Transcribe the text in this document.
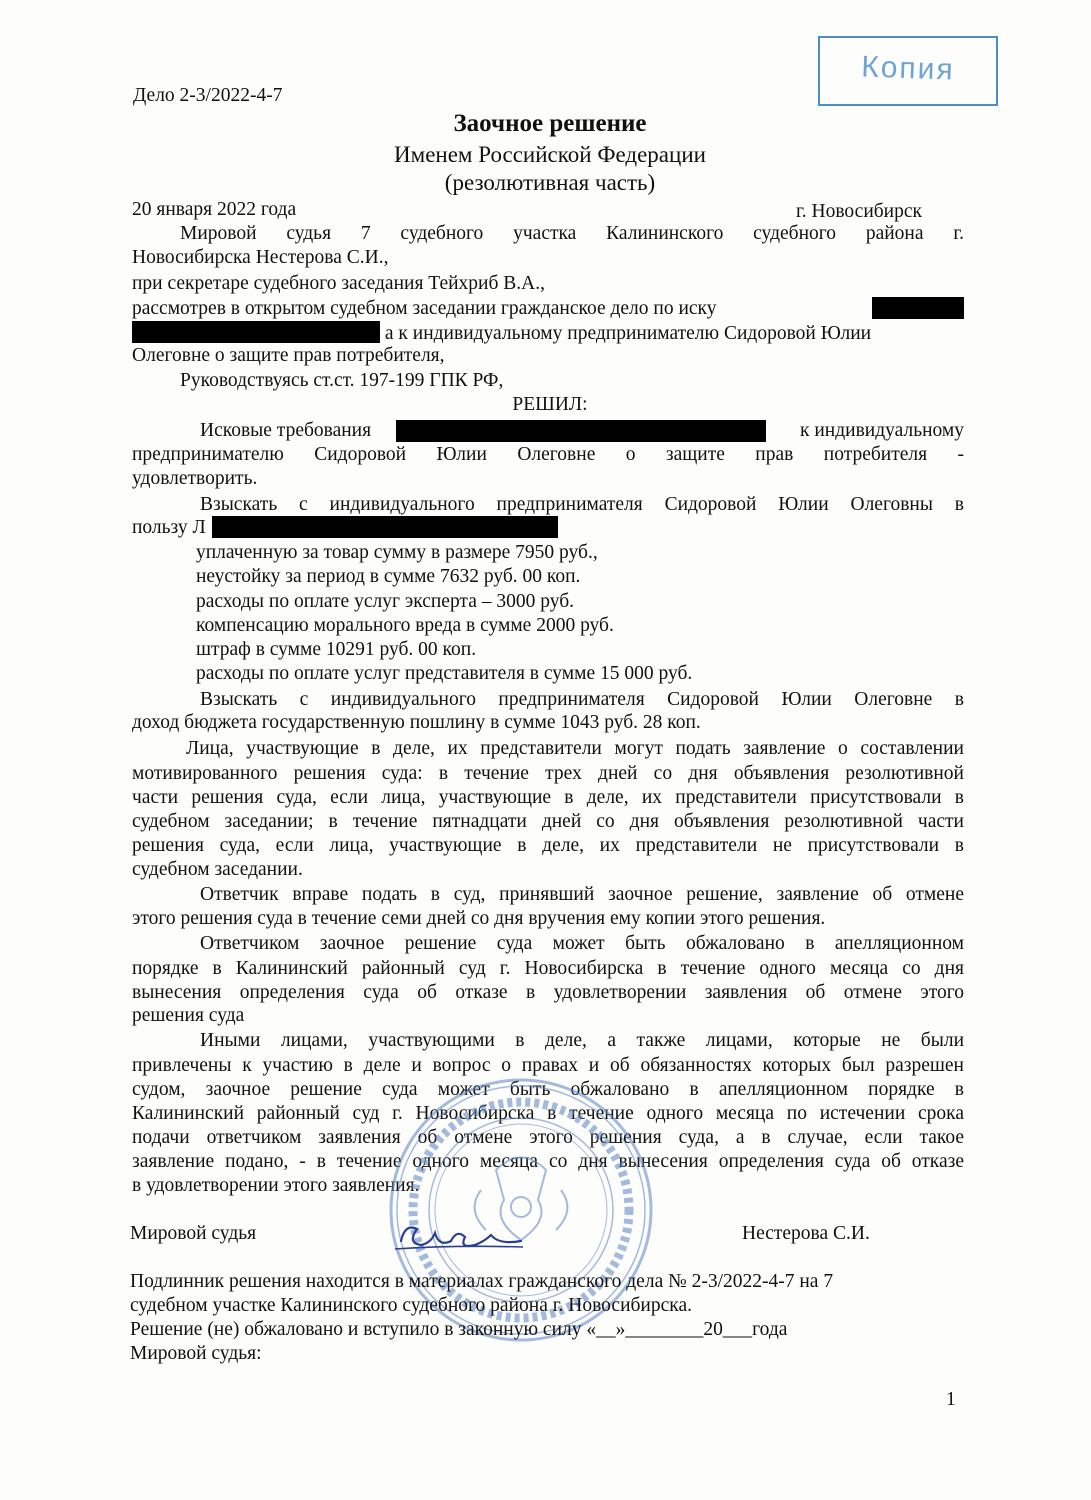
Копия
Дело 2-3/2022-4-7
Заочное решение
Именем Российской Федерации
(резолютивная часть)
20 января 2022 года	г. Новосибирск
Мировой судья 7 судебного участка Калининского судебного района г.
Новосибирска Нестерова С.И.,
при секретаре судебного заседания Тейхриб В.А.,
рассмотрев в открытом судебном заседании гражданское дело по иску
а к индивидуальному предпринимателю Сидоровой Юлии
Олеговне о защите прав потребителя,
Руководствуясь ст.ст. 197-199 ГПК РФ,
РЕШИЛ:
Исковые требования	к индивидуальному
предпринимателю Сидоровой Юлии Олеговне о защите прав потребителя -
удовлетворить.
Взыскать с индивидуального предпринимателя Сидоровой Юлии Олеговны в
пользу Л
уплаченную за товар сумму в размере 7950 руб.,
неустойку за период в сумме 7632 руб. 00 коп.
расходы по оплате услуг эксперта – 3000 руб.
компенсацию морального вреда в сумме 2000 руб.
штраф в сумме 10291 руб. 00 коп.
расходы по оплате услуг представителя в сумме 15 000 руб.
Взыскать с индивидуального предпринимателя Сидоровой Юлии Олеговне в
доход бюджета государственную пошлину в сумме 1043 руб. 28 коп.
Лица, участвующие в деле, их представители могут подать заявление о составлении
мотивированного решения суда: в течение трех дней со дня объявления резолютивной
части решения суда, если лица, участвующие в деле, их представители присутствовали в
судебном заседании; в течение пятнадцати дней со дня объявления резолютивной части
решения суда, если лица, участвующие в деле, их представители не присутствовали в
судебном заседании.
Ответчик вправе подать в суд, принявший заочное решение, заявление об отмене
этого решения суда в течение семи дней со дня вручения ему копии этого решения.
Ответчиком заочное решение суда может быть обжаловано в апелляционном
порядке в Калининский районный суд г. Новосибирска в течение одного месяца со дня
вынесения определения суда об отказе в удовлетворении заявления об отмене этого
решения суда
Иными лицами, участвующими в деле, а также лицами, которые не были
привлечены к участию в деле и вопрос о правах и об обязанностях которых был разрешен
судом, заочное решение суда может быть обжаловано в апелляционном порядке в
Калининский районный суд г. Новосибирска в течение одного месяца по истечении срока
подачи ответчиком заявления об отмене этого решения суда, а в случае, если такое
заявление подано, - в течение одного месяца со дня вынесения определения суда об отказе
в удовлетворении этого заявления.
Мировой судья	Нестерова С.И.
Подлинник решения находится в материалах гражданского дела № 2-3/2022-4-7 на 7
судебном участке Калининского судебного района г. Новосибирска.
Решение (не) обжаловано и вступило в законную силу «__»________20___года
Мировой судья:
1
